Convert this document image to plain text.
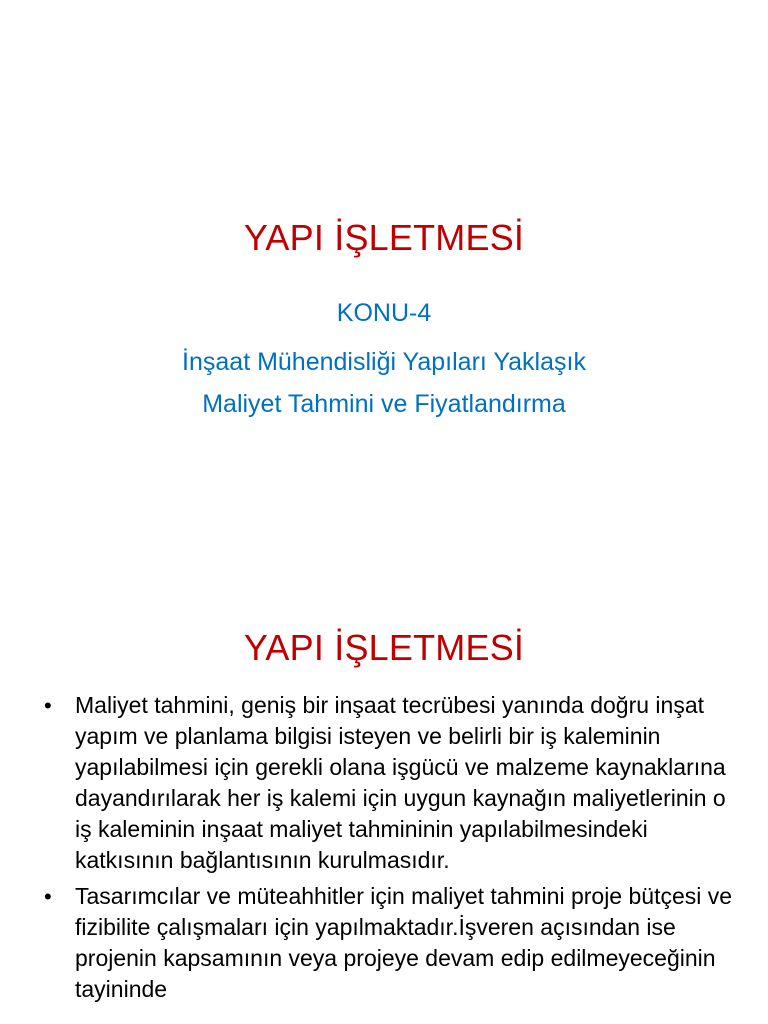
YAPI İŞLETMESİ
KONU-4
İnşaat Mühendisliği Yapıları Yaklaşık
Maliyet Tahmini ve Fiyatlandırma
YAPI İŞLETMESİ
• Maliyet tahmini, geniş bir inşaat tecrübesi yanında doğru inşat yapım ve planlama bilgisi isteyen ve belirli bir iş kaleminin yapılabilmesi için gerekli olana işgücü ve malzeme kaynaklarına dayandırılarak her iş kalemi için uygun kaynağın maliyetlerinin o iş kaleminin inşaat maliyet tahmininin yapılabilmesindeki katkısının bağlantısının kurulmasıdır.
• Tasarımcılar ve müteahhitler için maliyet tahmini proje bütçesi ve fizibilite çalışmaları için yapılmaktadır.İşveren açısından ise projenin kapsamının veya projeye devam edip edilmeyeceğinin tayininde
